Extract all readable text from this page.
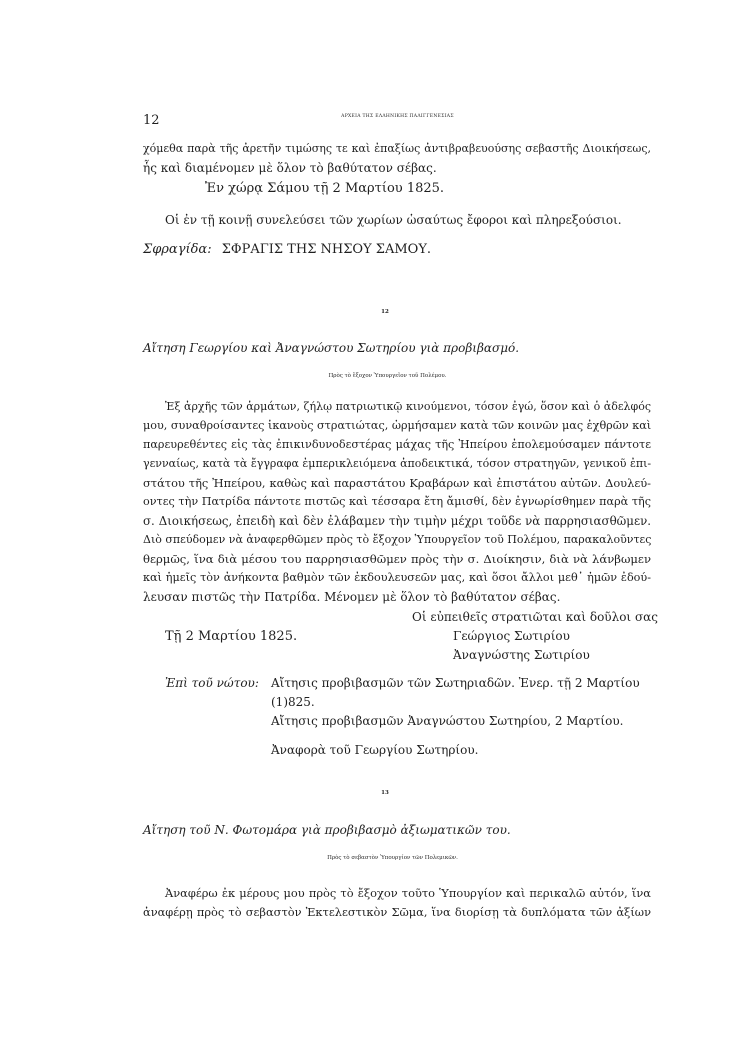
12	ΑΡΧΕΙΑ ΤΗΣ ΕΛΛΗΝΙΚΗΣ ΠΑΛΙΓΓΕΝΕΣΙΑΣ
χόμεθα παρὰ τῆς ἀρετῆν τιμώσης τε καὶ ἐπαξίως ἀντιβραβευούσης σεβαστῆς Διοικήσεως,
ἧς καὶ διαμένομεν μὲ ὅλον τὸ βαθύτατον σέβας.
Ἐν χώρᾳ Σάμου τῇ 2 Μαρτίου 1825.
Οἱ ἐν τῇ κοινῇ συνελεύσει τῶν χωρίων ὡσαύτως ἔφοροι καὶ πληρεξούσιοι.
Σφραγίδα: ΣΦΡΑΓΙΣ ΤΗΣ ΝΗΣΟΥ ΣΑΜΟΥ.
12
Αἴτηση Γεωργίου καὶ Ἀναγνώστου Σωτηρίου γιὰ προβιβασμό.
Πρὸς τὸ ἔξοχον Ὑπουργεῖον τοῦ Πολέμου.
Ἐξ ἀρχῆς τῶν ἁρμάτων, ζήλῳ πατριωτικῷ κινούμενοι, τόσον ἐγώ, ὅσον καὶ ὁ ἀδελφός
μου, συναθροίσαντες ἱκανοὺς στρατιώτας, ὡρμήσαμεν κατὰ τῶν κοινῶν μας ἐχθρῶν καὶ
παρευρεθέντες εἰς τὰς ἐπικινδυνοδεστέρας μάχας τῆς Ἠπείρου ἐπολεμούσαμεν πάντοτε
γενναίως, κατὰ τὰ ἔγγραφα ἐμπερικλειόμενα ἀποδεικτικά, τόσον στρατηγῶν, γενικοῦ ἐπι-
στάτου τῆς Ἠπείρου, καθὼς καὶ παραστάτου Κραβάρων καὶ ἐπιστάτου αὐτῶν. Δουλεύ-
οντες τὴν Πατρίδα πάντοτε πιστῶς καὶ τέσσαρα ἔτη ἄμισθί, δὲν ἐγνωρίσθημεν παρὰ τῆς
σ. Διοικήσεως, ἐπειδὴ καὶ δὲν ἐλάβαμεν τὴν τιμὴν μέχρι τοῦδε νὰ παρρησιασθῶμεν.
Διὸ σπεύδομεν νὰ ἀναφερθῶμεν πρὸς τὸ ἔξοχον Ὑπουργεῖον τοῦ Πολέμου, παρακαλοῦντες
θερμῶς, ἵνα διὰ μέσου του παρρησιασθῶμεν πρὸς τὴν σ. Διοίκησιν, διὰ νὰ λάνβωμεν
καὶ ἡμεῖς τὸν ἀνήκοντα βαθμὸν τῶν ἐκδουλευσεῶν μας, καὶ ὅσοι ἄλλοι μεθ᾽ ἡμῶν ἐδού-
λευσαν πιστῶς τὴν Πατρίδα. Μένομεν μὲ ὅλον τὸ βαθύτατον σέβας.
Οἱ εὐπειθεῖς στρατιῶται καὶ δοῦλοι σας
Τῇ 2 Μαρτίου 1825.	Γεώργιος Σωτιρίου
Ἀναγνώστης Σωτιρίου
Ἐπὶ τοῦ νώτου: Αἴτησις προβιβασμῶν τῶν Σωτηριαδῶν. Ἐνερ. τῇ 2 Μαρτίου
(1)825.
Αἴτησις προβιβασμῶν Ἀναγνώστου Σωτηρίου, 2 Μαρτίου.
Ἀναφορὰ τοῦ Γεωργίου Σωτηρίου.
13
Αἴτηση τοῦ Ν. Φωτομάρα γιὰ προβιβασμὸ ἀξιωματικῶν του.
Πρὸς τὸ σεβαστὸν Ὑπουργίον τῶν Πολεμικῶν.
Ἀναφέρω ἐκ μέρους μου πρὸς τὸ ἔξοχον τοῦτο Ὑπουργίον καὶ περικαλῶ αὐτόν, ἵνα
ἀναφέρῃ πρὸς τὸ σεβαστὸν Ἐκτελεστικὸν Σῶμα, ἵνα διορίσῃ τὰ δυπλόματα τῶν ἀξίων
